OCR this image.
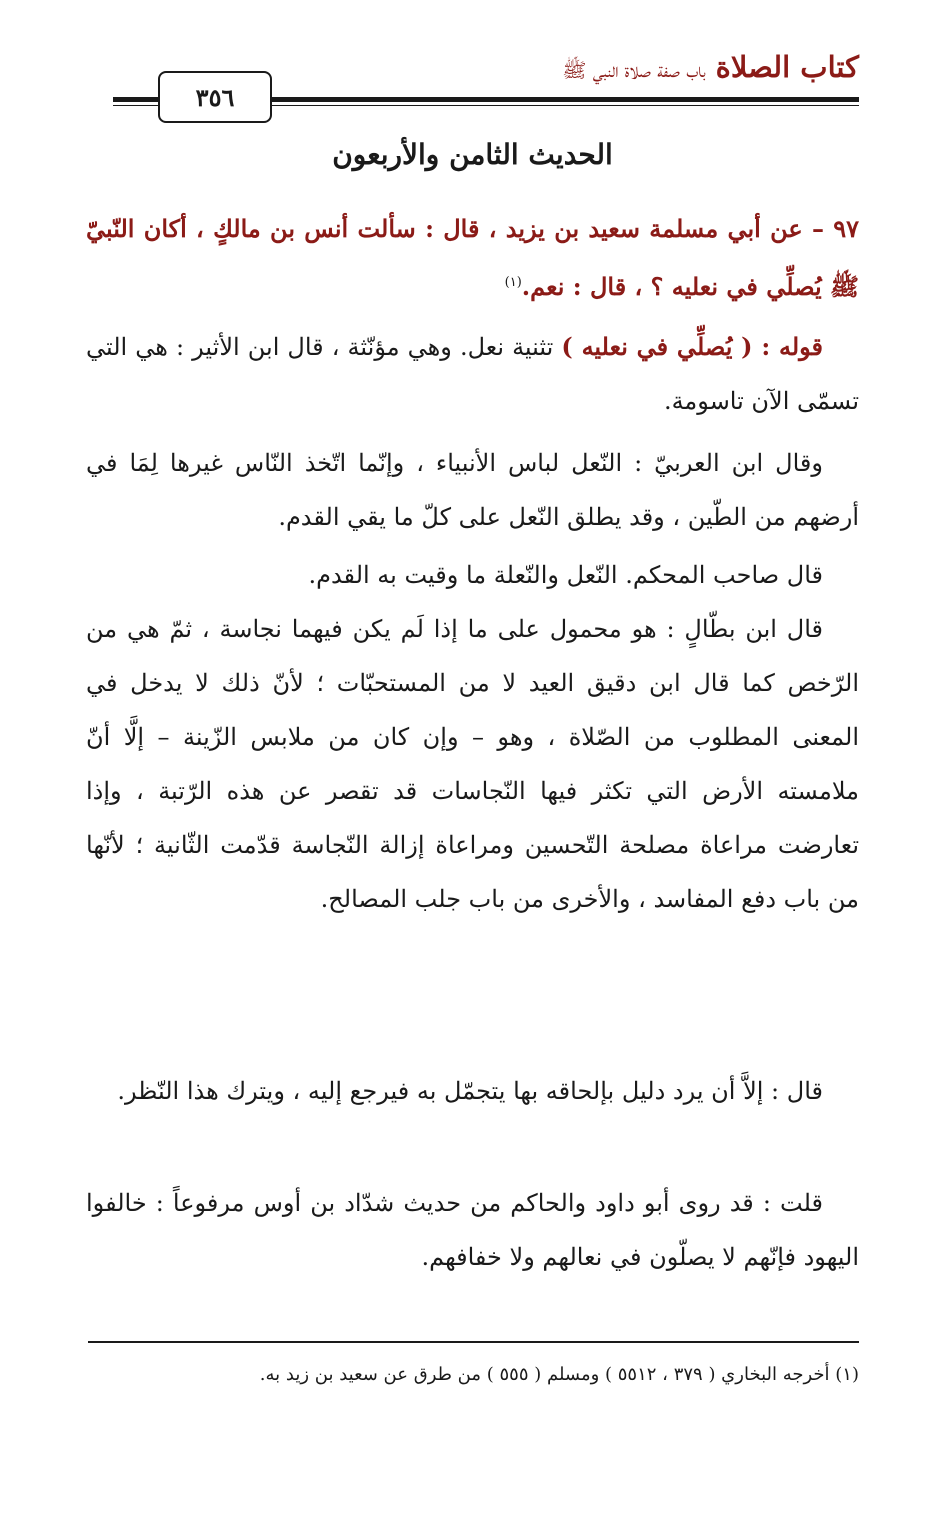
كتاب الصلاة
باب صفة صلاة النبي ﷺ
٣٥٦
الحديث الثامن والأربعون
٩٧ – عن أبي مسلمة سعيد بن يزيد ، قال : سألت أنس بن مالكٍ ، أكان النّبيّ ﷺ يُصلِّي في نعليه ؟ ، قال : نعم.$^{(١)}$
قوله : ( يُصلِّي في نعليه ) تثنية نعل. وهي مؤنّثة ، قال ابن الأثير : هي التي تسمّى الآن تاسومة.
وقال ابن العربيّ : النّعل لباس الأنبياء ، وإنّما اتّخذ النّاس غيرها لِمَا في أرضهم من الطّين ، وقد يطلق النّعل على كلّ ما يقي القدم.
قال صاحب المحكم. النّعل والنّعلة ما وقيت به القدم.
قال ابن بطّالٍ : هو محمول على ما إذا لَم يكن فيهما نجاسة ، ثمّ هي من الرّخص كما قال ابن دقيق العيد لا من المستحبّات ؛ لأنّ ذلك لا يدخل في المعنى المطلوب من الصّلاة ، وهو – وإن كان من ملابس الزّينة – إلَّا أنّ ملامسته الأرض التي تكثر فيها النّجاسات قد تقصر عن هذه الرّتبة ، وإذا تعارضت مراعاة مصلحة التّحسين ومراعاة إزالة النّجاسة قدّمت الثّانية ؛ لأنّها من باب دفع المفاسد ، والأخرى من باب جلب المصالح.
قال : إلاَّ أن يرد دليل بإلحاقه بها يتجمّل به فيرجع إليه ، ويترك هذا النّظر.
قلت : قد روى أبو داود والحاكم من حديث شدّاد بن أوس مرفوعاً : خالفوا اليهود فإنّهم لا يصلّون في نعالهم ولا خفافهم.
(١) أخرجه البخاري ( ٣٧٩ ، ٥٥١٢ ) ومسلم ( ٥٥٥ ) من طرق عن سعيد بن زيد به.
